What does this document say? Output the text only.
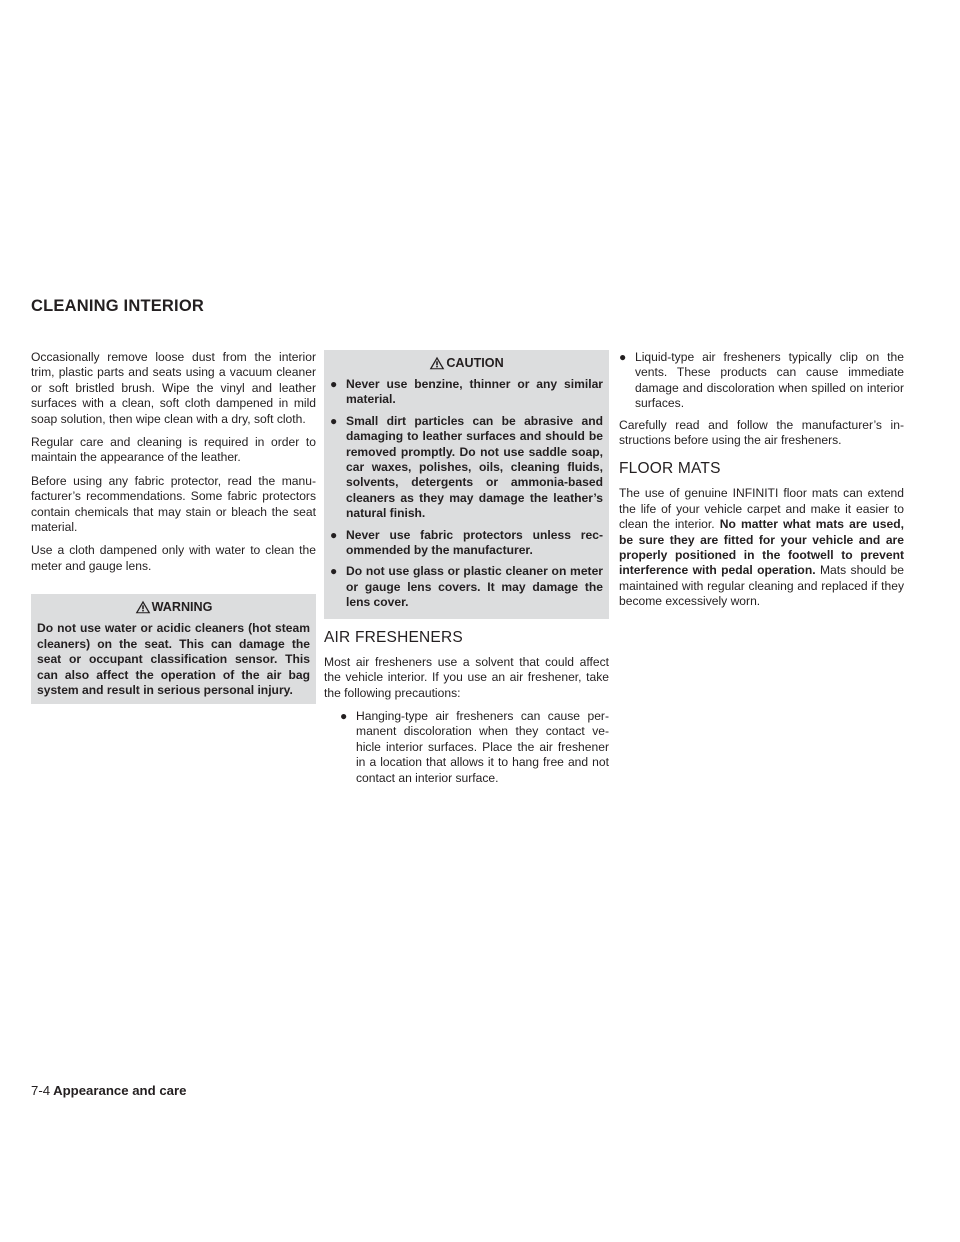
CLEANING INTERIOR

Occasionally remove loose dust from the interior trim, plastic parts and seats using a vacuum cleaner or soft bristled brush. Wipe the vinyl and leather surfaces with a clean, soft cloth dampened in mild soap solution, then wipe clean with a dry, soft cloth.

Regular care and cleaning is required in order to maintain the appearance of the leather.

Before using any fabric protector, read the manufacturer’s recommendations. Some fabric protectors contain chemicals that may stain or bleach the seat material.

Use a cloth dampened only with water to clean the meter and gauge lens.

WARNING

Do not use water or acidic cleaners (hot steam cleaners) on the seat. This can damage the seat or occupant classification sensor. This can also affect the operation of the air bag system and result in serious personal injury.

CAUTION
● Never use benzine, thinner or any similar material.
● Small dirt particles can be abrasive and damaging to leather surfaces and should be removed promptly. Do not use saddle soap, car waxes, polishes, oils, cleaning fluids, solvents, detergents or ammonia-based cleaners as they may damage the leather’s natural finish.
● Never use fabric protectors unless recommended by the manufacturer.
● Do not use glass or plastic cleaner on meter or gauge lens covers. It may damage the lens cover.
AIR FRESHENERS

Most air fresheners use a solvent that could affect the vehicle interior. If you use an air freshener, take the following precautions:

● Hanging-type air fresheners can cause permanent discoloration when they contact vehicle interior surfaces. Place the air freshener in a location that allows it to hang free and not contact an interior surface.
● Liquid-type air fresheners typically clip on the vents. These products can cause immediate damage and discoloration when spilled on interior surfaces.

Carefully read and follow the manufacturer’s instructions before using the air fresheners.

FLOOR MATS

The use of genuine INFINITI floor mats can extend the life of your vehicle carpet and make it easier to clean the interior. No matter what mats are used, be sure they are fitted for your vehicle and are properly positioned in the footwell to prevent interference with pedal operation. Mats should be maintained with regular cleaning and replaced if they become excessively worn.

7-4 Appearance and care
